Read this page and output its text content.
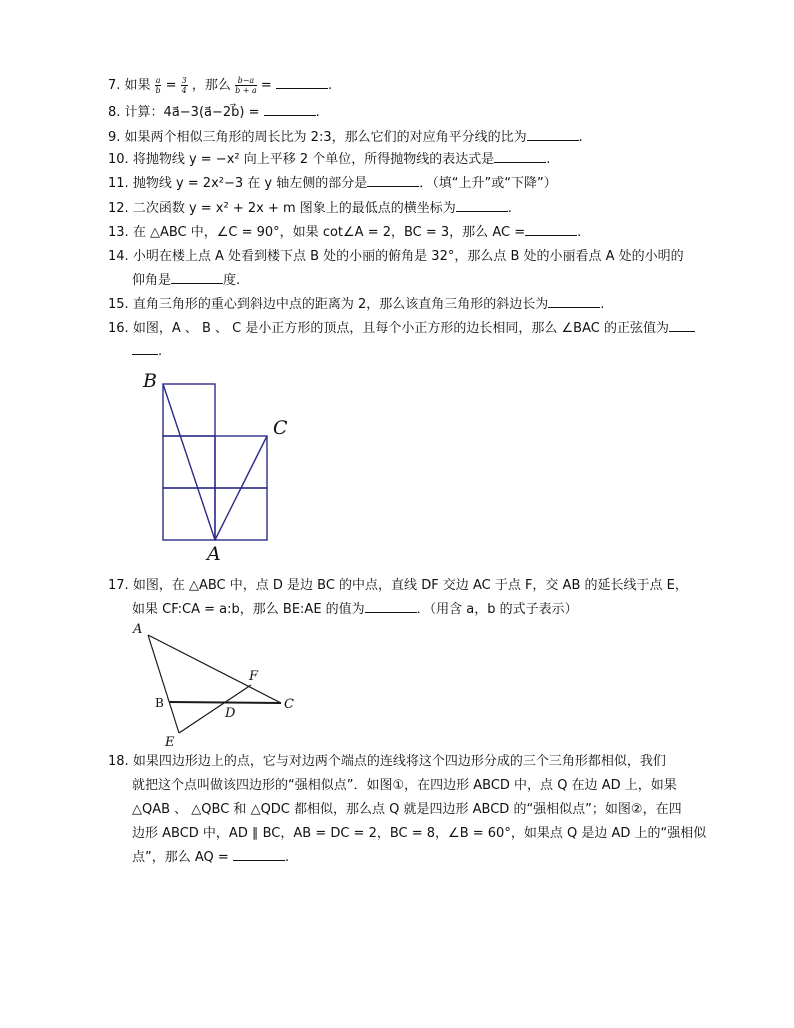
7. 如果 $\frac{a}{b} = \frac{3}{4}$ ，那么 $\frac{b-a}{b + a}$ =	.
8. 计算：4a⃗−3(a⃗−2b⃗) =	.
9. 如果两个相似三角形的周长比为 2:3，那么它们的对应角平分线的比为	.
10. 将抛物线 y = −x² 向上平移 2 个单位，所得抛物线的表达式是	.
11. 抛物线 y = 2x²−3 在 y 轴左侧的部分是	．（填“上升”或“下降”）
12. 二次函数 y = x² + 2x + m 图象上的最低点的横坐标为	.
13. 在 △ABC 中，∠C = 90°，如果 cot∠A = 2，BC = 3，那么 AC =	.
14. 小明在楼上点 A 处看到楼下点 B 处的小丽的俯角是 32°，那么点 B 处的小丽看点 A 处的小明的
仰角是	度.
15. 直角三角形的重心到斜边中点的距离为 2，那么该直角三角形的斜边长为	.
16. 如图，A 、 B 、 C 是小正方形的顶点，且每个小正方形的边长相同，那么 ∠BAC 的正弦值为
.
B
C
A
17. 如图，在 △ABC 中，点 D 是边 BC 的中点，直线 DF 交边 AC 于点 F，交 AB 的延长线于点 E，
如果 CF:CA = a:b，那么 BE:AE 的值为	．（用含 a，b 的式子表示）
A
F
B
D
C
E
18. 如果四边形边上的点，它与对边两个端点的连线将这个四边形分成的三个三角形都相似，我们
就把这个点叫做该四边形的“强相似点”．如图①，在四边形 ABCD 中，点 Q 在边 AD 上，如果
△QAB 、 △QBC 和 △QDC 都相似，那么点 Q 就是四边形 ABCD 的“强相似点”；如图②，在四
边形 ABCD 中，AD ∥ BC，AB = DC = 2，BC = 8，∠B = 60°，如果点 Q 是边 AD 上的“强相似
点”，那么 AQ =	.
